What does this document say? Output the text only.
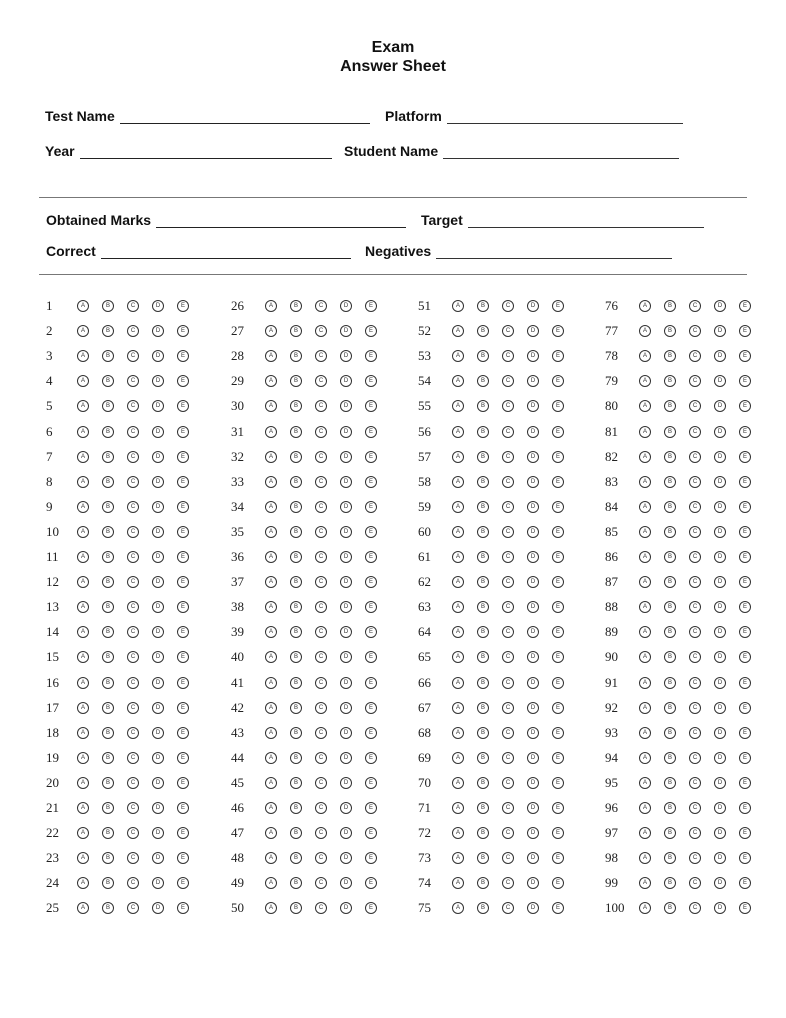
Exam
Answer Sheet
Test Name	Platform
Year	Student Name
Obtained Marks	Target
Correct	Negatives
1	A	B	C	D	E
2	A	B	C	D	E
3	A	B	C	D	E
4	A	B	C	D	E
5	A	B	C	D	E
6	A	B	C	D	E
7	A	B	C	D	E
8	A	B	C	D	E
9	A	B	C	D	E
10	A	B	C	D	E
11	A	B	C	D	E
12	A	B	C	D	E
13	A	B	C	D	E
14	A	B	C	D	E
15	A	B	C	D	E
16	A	B	C	D	E
17	A	B	C	D	E
18	A	B	C	D	E
19	A	B	C	D	E
20	A	B	C	D	E
21	A	B	C	D	E
22	A	B	C	D	E
23	A	B	C	D	E
24	A	B	C	D	E
25	A	B	C	D	E
26	A	B	C	D	E
27	A	B	C	D	E
28	A	B	C	D	E
29	A	B	C	D	E
30	A	B	C	D	E
31	A	B	C	D	E
32	A	B	C	D	E
33	A	B	C	D	E
34	A	B	C	D	E
35	A	B	C	D	E
36	A	B	C	D	E
37	A	B	C	D	E
38	A	B	C	D	E
39	A	B	C	D	E
40	A	B	C	D	E
41	A	B	C	D	E
42	A	B	C	D	E
43	A	B	C	D	E
44	A	B	C	D	E
45	A	B	C	D	E
46	A	B	C	D	E
47	A	B	C	D	E
48	A	B	C	D	E
49	A	B	C	D	E
50	A	B	C	D	E
51	A	B	C	D	E
52	A	B	C	D	E
53	A	B	C	D	E
54	A	B	C	D	E
55	A	B	C	D	E
56	A	B	C	D	E
57	A	B	C	D	E
58	A	B	C	D	E
59	A	B	C	D	E
60	A	B	C	D	E
61	A	B	C	D	E
62	A	B	C	D	E
63	A	B	C	D	E
64	A	B	C	D	E
65	A	B	C	D	E
66	A	B	C	D	E
67	A	B	C	D	E
68	A	B	C	D	E
69	A	B	C	D	E
70	A	B	C	D	E
71	A	B	C	D	E
72	A	B	C	D	E
73	A	B	C	D	E
74	A	B	C	D	E
75	A	B	C	D	E
76	A	B	C	D	E
77	A	B	C	D	E
78	A	B	C	D	E
79	A	B	C	D	E
80	A	B	C	D	E
81	A	B	C	D	E
82	A	B	C	D	E
83	A	B	C	D	E
84	A	B	C	D	E
85	A	B	C	D	E
86	A	B	C	D	E
87	A	B	C	D	E
88	A	B	C	D	E
89	A	B	C	D	E
90	A	B	C	D	E
91	A	B	C	D	E
92	A	B	C	D	E
93	A	B	C	D	E
94	A	B	C	D	E
95	A	B	C	D	E
96	A	B	C	D	E
97	A	B	C	D	E
98	A	B	C	D	E
99	A	B	C	D	E
100	A	B	C	D	E
